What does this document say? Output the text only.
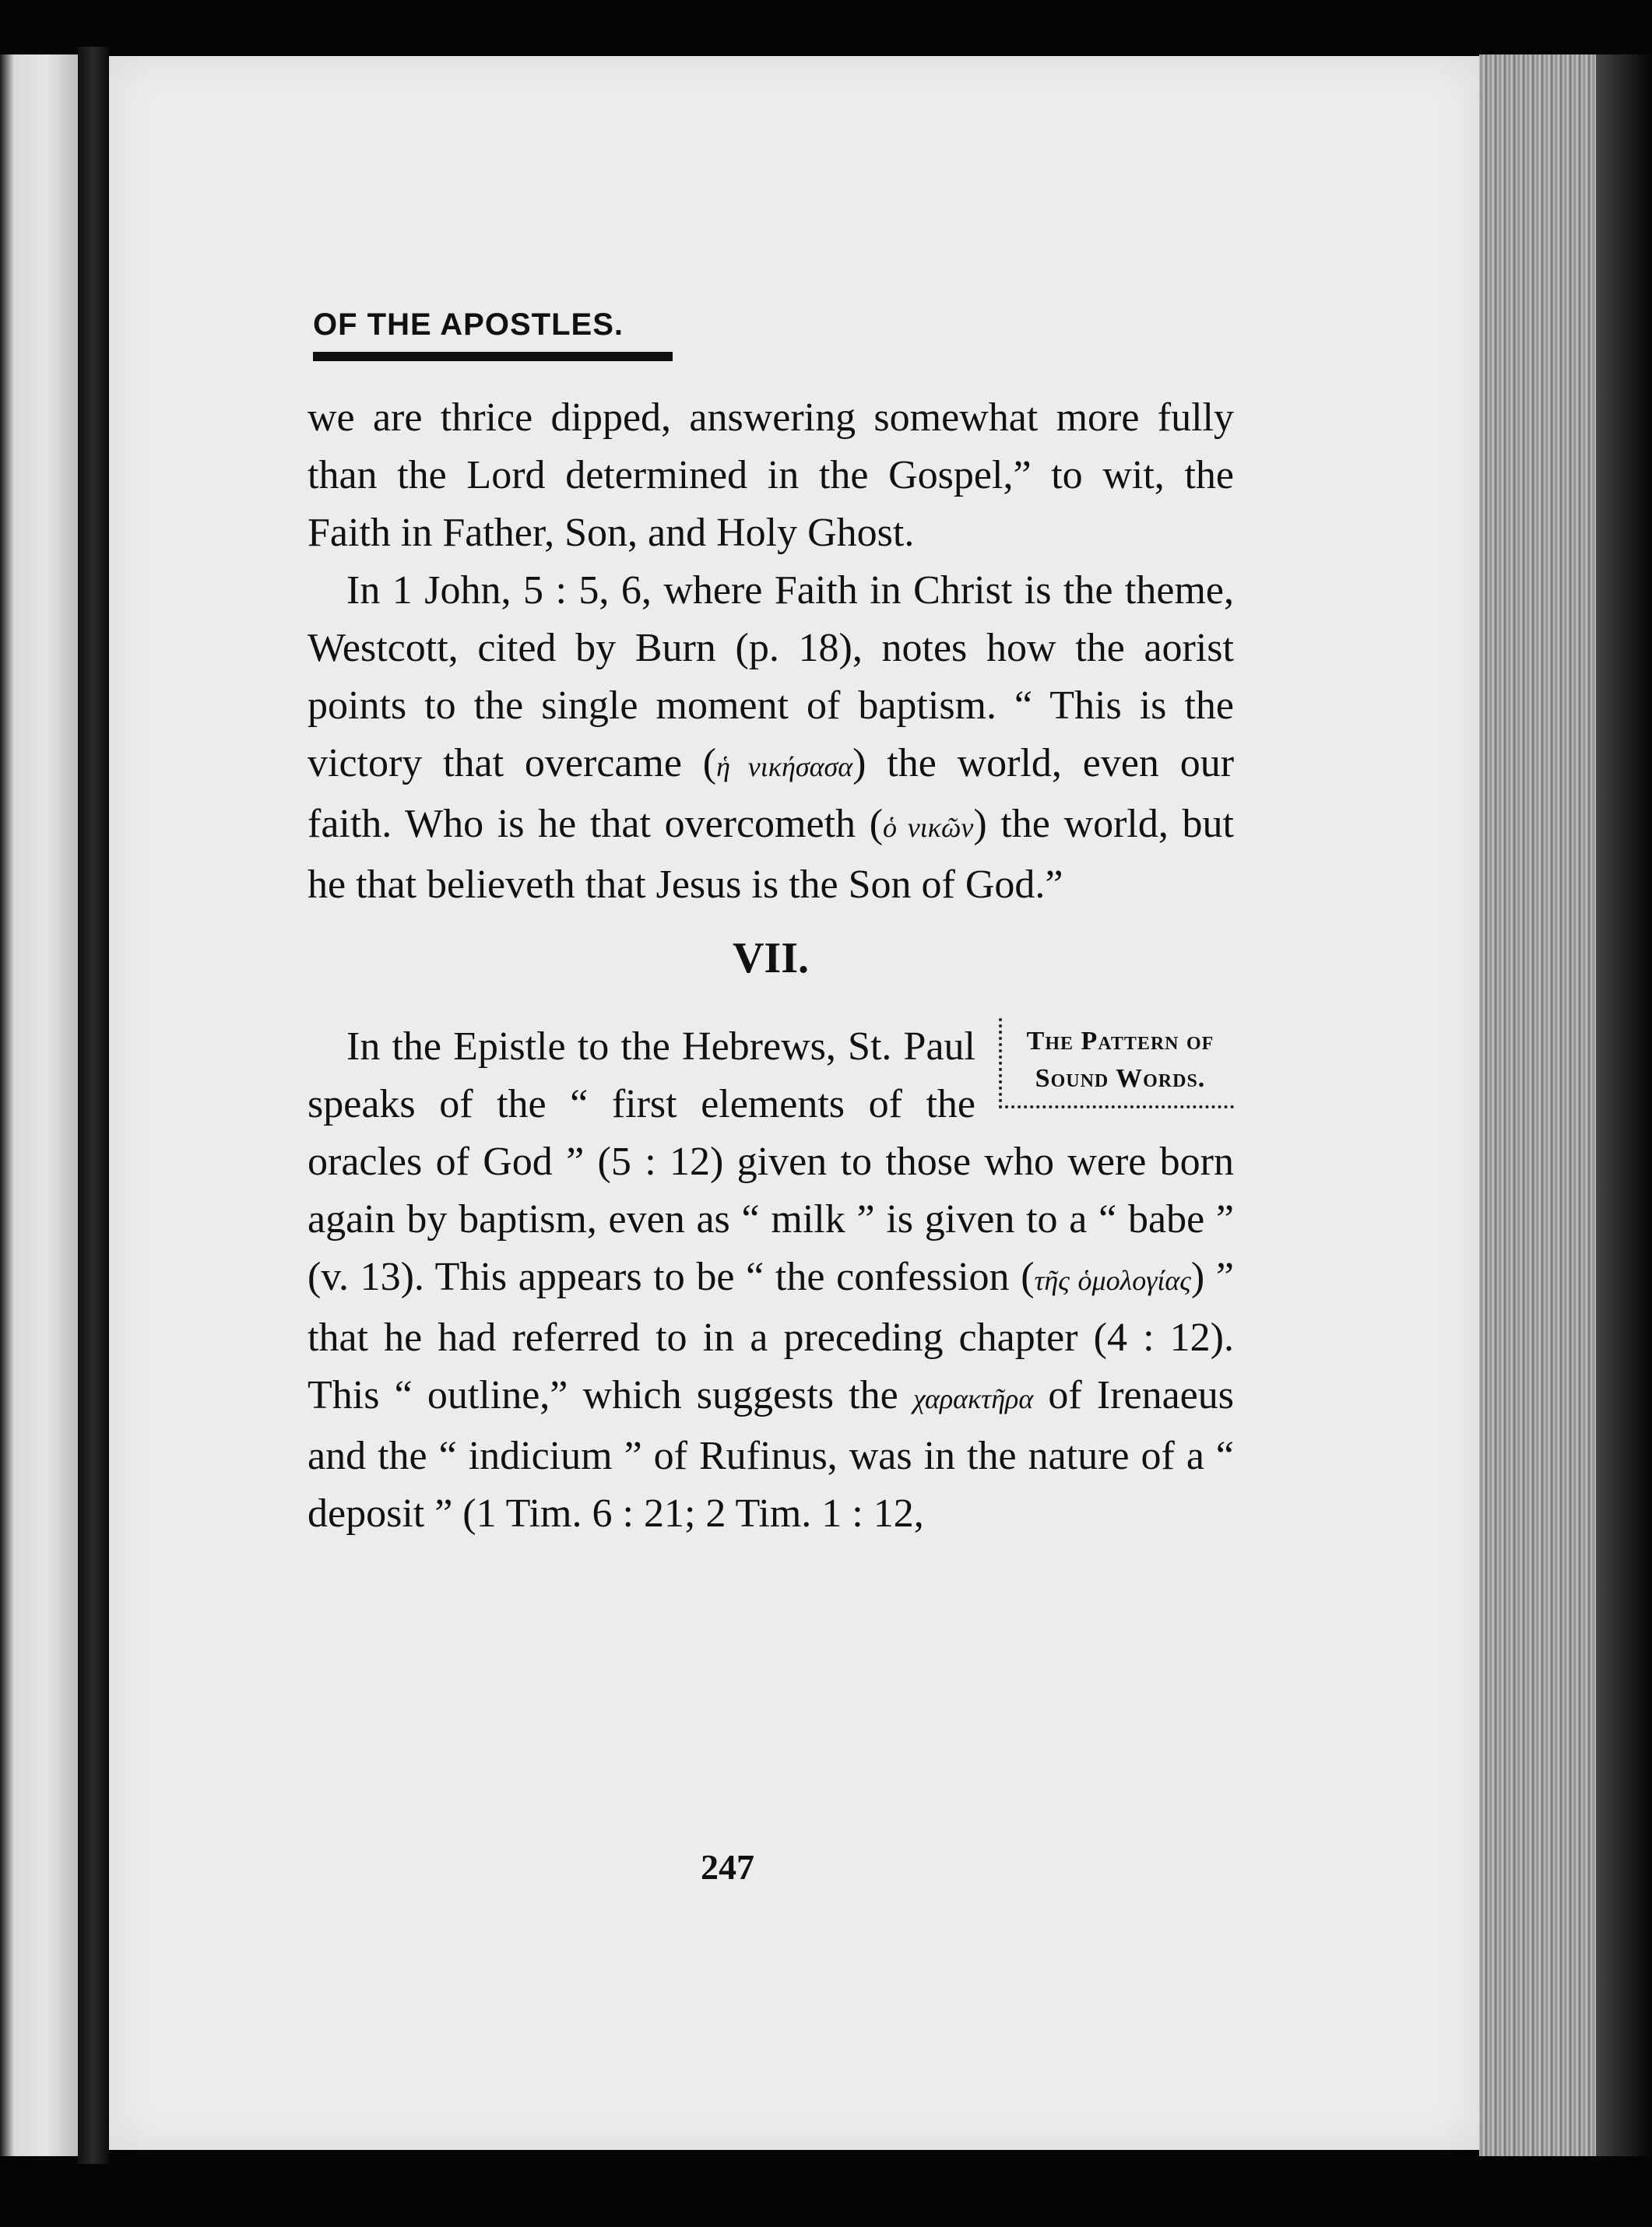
OF THE APOSTLES.

we are thrice dipped, answering somewhat more fully than the Lord determined in the Gospel,” to wit, the Faith in Father, Son, and Holy Ghost.

In 1 John, 5 : 5, 6, where Faith in Christ is the theme, Westcott, cited by Burn (p. 18), notes how the aorist points to the single moment of baptism. “ This is the victory that overcame (ἡ νικήσασα) the world, even our faith. Who is he that overcometh (ὁ νικῶν) the world, but he that believeth that Jesus is the Son of God.”

VII.
The Pattern of Sound Words.

In the Epistle to the Hebrews, St. Paul speaks of the “ first elements of the oracles of God ” (5 : 12) given to those who were born again by baptism, even as “ milk ” is given to a “ babe ” (v. 13). This appears to be “ the confession (τῆς ὁμολογίας) ” that he had referred to in a preceding chapter (4 : 12). This “ outline,” which suggests the χαρακτῆρα of Irenaeus and the “ indicium ” of Rufinus, was in the nature of a “ deposit ” (1 Tim. 6 : 21; 2 Tim. 1 : 12,

247
